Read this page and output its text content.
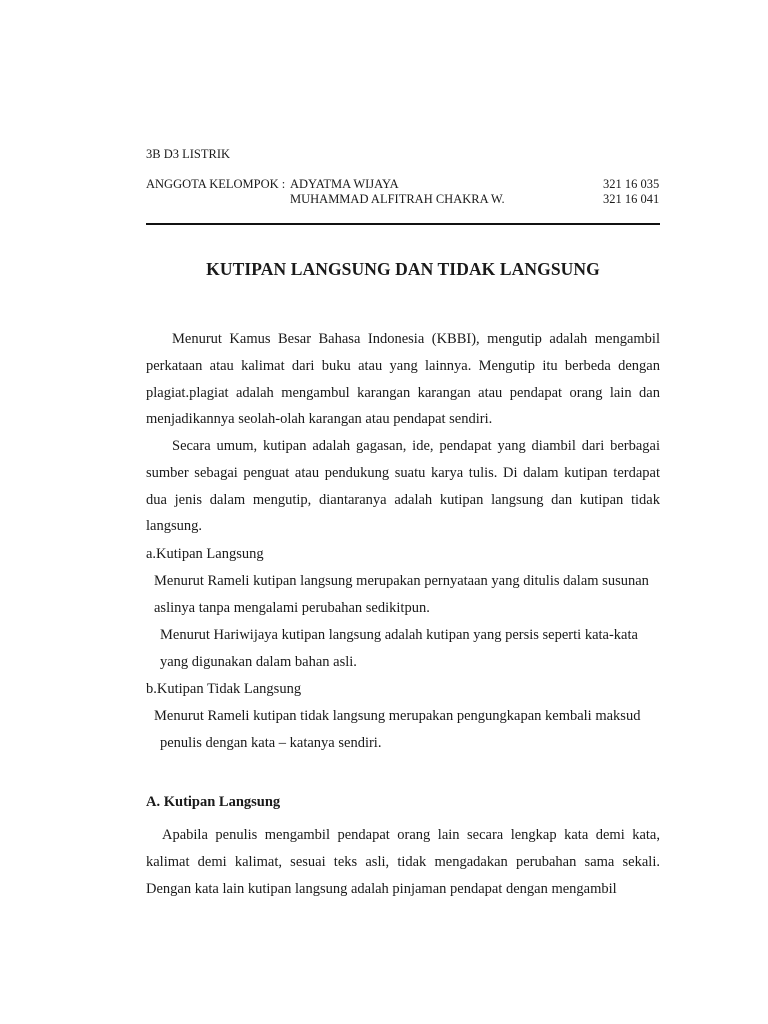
3B D3 LISTRIK
ANGGOTA KELOMPOK : ADYATMA WIJAYA	321 16 035
MUHAMMAD ALFITRAH CHAKRA W.	321 16 041
KUTIPAN LANGSUNG DAN TIDAK LANGSUNG
Menurut Kamus Besar Bahasa Indonesia (KBBI), mengutip adalah mengambil perkataan atau kalimat dari buku atau yang lainnya. Mengutip itu berbeda dengan plagiat.plagiat adalah mengambul karangan karangan atau pendapat orang lain dan menjadikannya seolah-olah karangan atau pendapat sendiri.
Secara umum, kutipan adalah gagasan, ide, pendapat yang diambil dari berbagai sumber sebagai penguat atau pendukung suatu karya tulis. Di dalam kutipan terdapat dua jenis dalam mengutip, diantaranya adalah kutipan langsung dan kutipan tidak langsung.
a.Kutipan Langsung
Menurut Rameli kutipan langsung merupakan pernyataan yang ditulis dalam susunan
aslinya tanpa mengalami perubahan sedikitpun.
Menurut Hariwijaya kutipan langsung adalah kutipan yang persis seperti kata-kata
yang digunakan dalam bahan asli.
b.Kutipan Tidak Langsung
Menurut Rameli kutipan tidak langsung merupakan pengungkapan kembali maksud
penulis dengan kata – katanya sendiri.
A. Kutipan Langsung
Apabila penulis mengambil pendapat orang lain secara lengkap kata demi kata, kalimat demi kalimat, sesuai teks asli, tidak mengadakan perubahan sama sekali. Dengan kata lain kutipan langsung adalah pinjaman pendapat dengan mengambil
